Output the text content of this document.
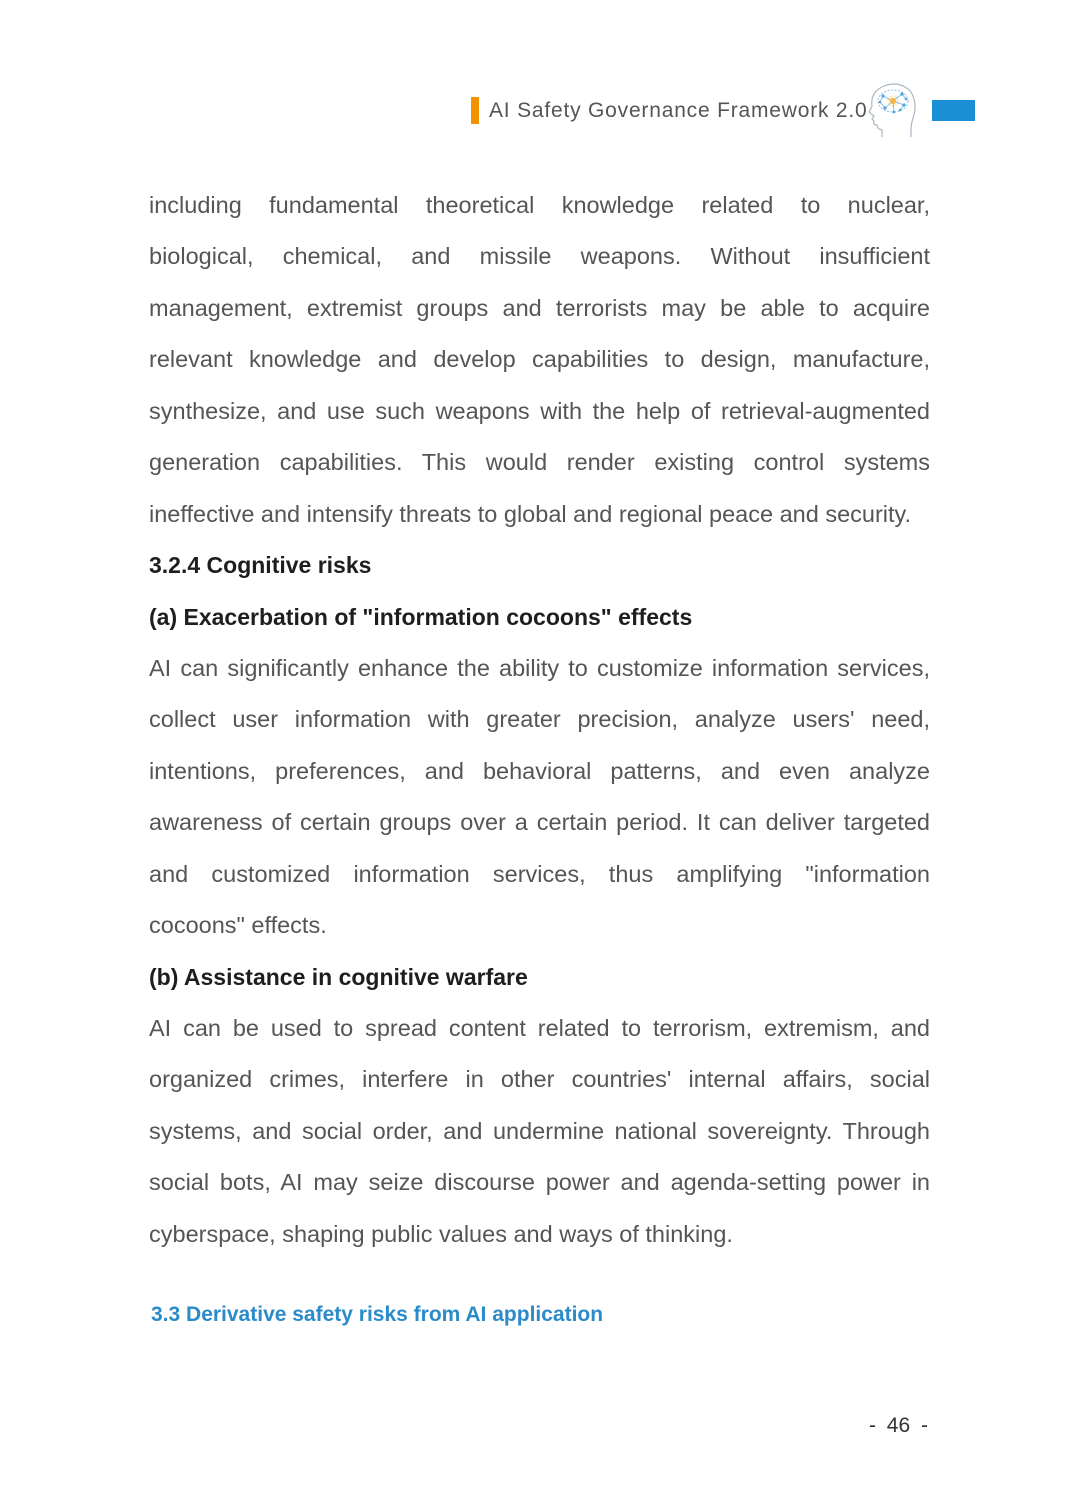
AI Safety Governance Framework 2.0
including fundamental theoretical knowledge related to nuclear,
biological, chemical, and missile weapons. Without insufficient
management, extremist groups and terrorists may be able to acquire
relevant knowledge and develop capabilities to design, manufacture,
synthesize, and use such weapons with the help of retrieval-augmented
generation capabilities. This would render existing control systems
ineffective and intensify threats to global and regional peace and security.
3.2.4 Cognitive risks
(a) Exacerbation of "information cocoons" effects
AI can significantly enhance the ability to customize information services,
collect user information with greater precision, analyze users' need,
intentions, preferences, and behavioral patterns, and even analyze
awareness of certain groups over a certain period. It can deliver targeted
and customized information services, thus amplifying "information
cocoons" effects.
(b) Assistance in cognitive warfare
AI can be used to spread content related to terrorism, extremism, and
organized crimes, interfere in other countries' internal affairs, social
systems, and social order, and undermine national sovereignty. Through
social bots, AI may seize discourse power and agenda-setting power in
cyberspace, shaping public values and ways of thinking.
3.3 Derivative safety risks from AI application
- 46 -
